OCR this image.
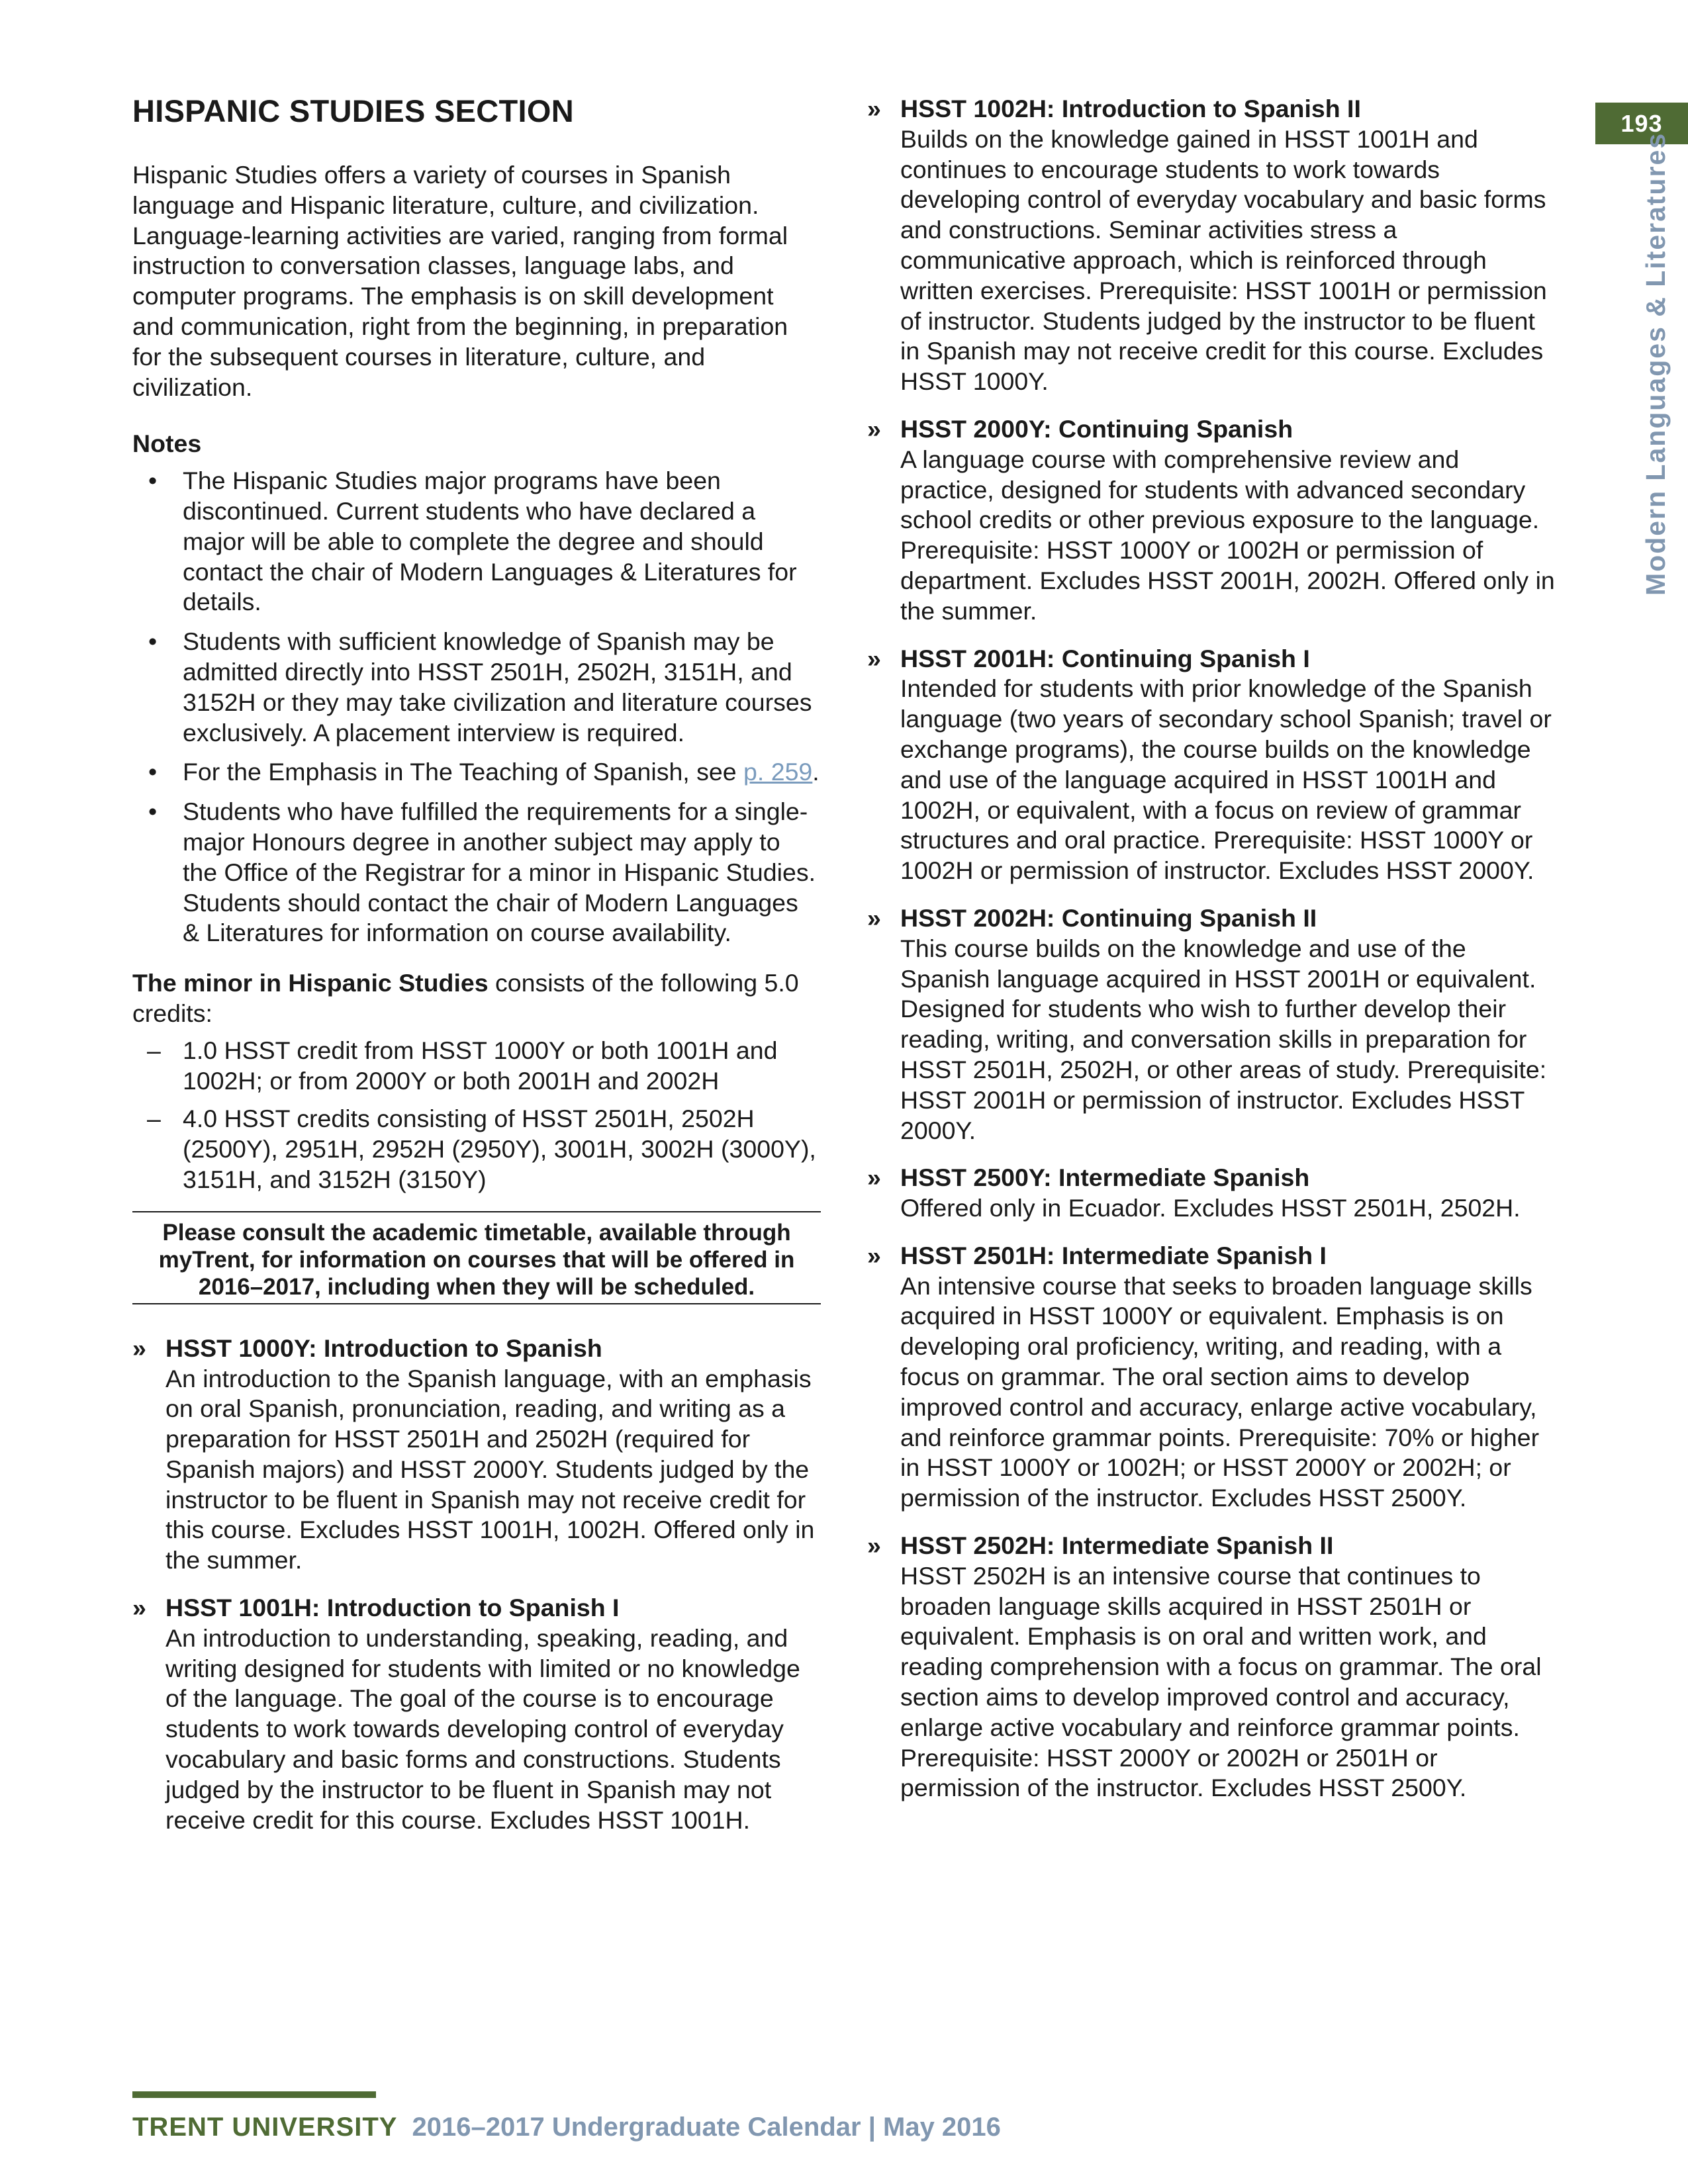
193
Modern Languages & Literatures
HISPANIC STUDIES SECTION

Hispanic Studies offers a variety of courses in Spanish language and Hispanic literature, culture, and civilization. Language-learning activities are varied, ranging from formal instruction to conversation classes, language labs, and computer programs. The emphasis is on skill development and communication, right from the beginning, in preparation for the subsequent courses in literature, culture, and civilization.

Notes
• The Hispanic Studies major programs have been discontinued. Current students who have declared a major will be able to complete the degree and should contact the chair of Modern Languages & Literatures for details.
• Students with sufficient knowledge of Spanish may be admitted directly into HSST 2501H, 2502H, 3151H, and 3152H or they may take civilization and literature courses exclusively. A placement interview is required.
• For the Emphasis in The Teaching of Spanish, see p. 259.
• Students who have fulfilled the requirements for a single-major Honours degree in another subject may apply to the Office of the Registrar for a minor in Hispanic Studies. Students should contact the chair of Modern Languages & Literatures for information on course availability.

The minor in Hispanic Studies consists of the following 5.0 credits:

– 1.0 HSST credit from HSST 1000Y or both 1001H and 1002H; or from 2000Y or both 2001H and 2002H
– 4.0 HSST credits consisting of HSST 2501H, 2502H (2500Y), 2951H, 2952H (2950Y), 3001H, 3002H (3000Y), 3151H, and 3152H (3150Y)
Please consult the academic timetable, available through myTrent, for information on courses that will be offered in 2016–2017, including when they will be scheduled.
» HSST 1000Y: Introduction to Spanish
An introduction to the Spanish language, with an emphasis on oral Spanish, pronunciation, reading, and writing as a preparation for HSST 2501H and 2502H (required for Spanish majors) and HSST 2000Y. Students judged by the instructor to be fluent in Spanish may not receive credit for this course. Excludes HSST 1001H, 1002H. Offered only in the summer.
» HSST 1001H: Introduction to Spanish I
An introduction to understanding, speaking, reading, and writing designed for students with limited or no knowledge of the language. The goal of the course is to encourage students to work towards developing control of everyday vocabulary and basic forms and constructions. Students judged by the instructor to be fluent in Spanish may not receive credit for this course. Excludes HSST 1001H.
» HSST 1002H: Introduction to Spanish II
Builds on the knowledge gained in HSST 1001H and continues to encourage students to work towards developing control of everyday vocabulary and basic forms and constructions. Seminar activities stress a communicative approach, which is reinforced through written exercises. Prerequisite: HSST 1001H or permission of instructor. Students judged by the instructor to be fluent in Spanish may not receive credit for this course. Excludes HSST 1000Y.
» HSST 2000Y: Continuing Spanish
A language course with comprehensive review and practice, designed for students with advanced secondary school credits or other previous exposure to the language. Prerequisite: HSST 1000Y or 1002H or permission of department. Excludes HSST 2001H, 2002H. Offered only in the summer.
» HSST 2001H: Continuing Spanish I
Intended for students with prior knowledge of the Spanish language (two years of secondary school Spanish; travel or exchange programs), the course builds on the knowledge and use of the language acquired in HSST 1001H and 1002H, or equivalent, with a focus on review of grammar structures and oral practice. Prerequisite: HSST 1000Y or 1002H or permission of instructor. Excludes HSST 2000Y.
» HSST 2002H: Continuing Spanish II
This course builds on the knowledge and use of the Spanish language acquired in HSST 2001H or equivalent. Designed for students who wish to further develop their reading, writing, and conversation skills in preparation for HSST 2501H, 2502H, or other areas of study. Prerequisite: HSST 2001H or permission of instructor. Excludes HSST 2000Y.
» HSST 2500Y: Intermediate Spanish
Offered only in Ecuador. Excludes HSST 2501H, 2502H.
» HSST 2501H: Intermediate Spanish I
An intensive course that seeks to broaden language skills acquired in HSST 1000Y or equivalent. Emphasis is on developing oral proficiency, writing, and reading, with a focus on grammar. The oral section aims to develop improved control and accuracy, enlarge active vocabulary, and reinforce grammar points. Prerequisite: 70% or higher in HSST 1000Y or 1002H; or HSST 2000Y or 2002H; or permission of the instructor. Excludes HSST 2500Y.
» HSST 2502H: Intermediate Spanish II
HSST 2502H is an intensive course that continues to broaden language skills acquired in HSST 2501H or equivalent. Emphasis is on oral and written work, and reading comprehension with a focus on grammar. The oral section aims to develop improved control and accuracy, enlarge active vocabulary and reinforce grammar points. Prerequisite: HSST 2000Y or 2002H or 2501H or permission of the instructor. Excludes HSST 2500Y.
TRENT UNIVERSITY 2016–2017 Undergraduate Calendar | May 2016
